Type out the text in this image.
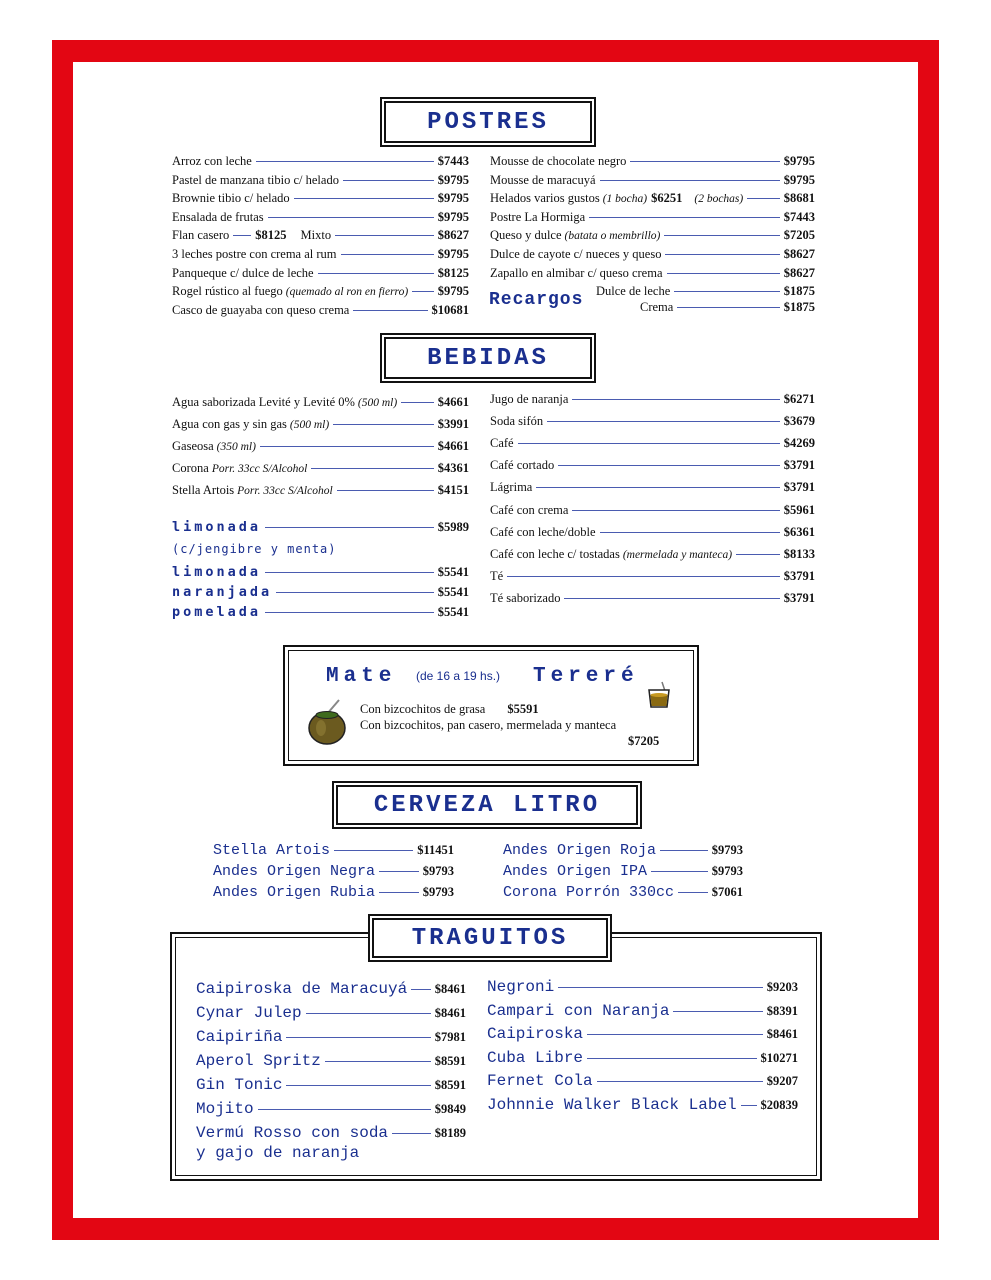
POSTRES
Arroz con leche	$7443
Pastel de manzana tibio c/ helado	$9795
Brownie tibio c/ helado	$9795
Ensalada de frutas	$9795
3 leches postre con crema al rum	$9795
Panqueque c/ dulce de leche	$8125
Rogel rústico al fuego (quemado al ron en fierro) $9795
Casco de guayaba con queso crema	$10681
Flan casero $8125 Mixto	$8627
Mousse de chocolate negro	$9795
Mousse de maracuyá	$9795
Postre La Hormiga	$7443
Queso y dulce (batata o membrillo)	$7205
Dulce de cayote c/ nueces y queso	$8627
Zapallo en almibar c/ queso crema	$8627
Helados varios gustos (1 bocha) $6251 (2 bochas)	$8681
Recargos Dulce de leche	$1875
Crema	$1875
BEBIDAS
Agua saborizada Levité y Levité 0% (500 ml)	$4661
Agua con gas y sin gas (500 ml)	$3991
Gaseosa (350 ml)	$4661
Corona Porr. 33cc S/Alcohol	$4361
Stella Artois Porr. 33cc S/Alcohol	$4151
Jugo de naranja	$6271
Soda sifón	$3679
Café	$4269
Café cortado	$3791
Lágrima	$3791
Café con crema	$5961
Café con leche/doble	$6361
Café con leche c/ tostadas (mermelada y manteca)	$8133
Té	$3791
Té saborizado	$3791
limonada	$5989
(c/jengibre y menta)
limonada	$5541
naranjada	$5541
pomelada	$5541
Mate (de 16 a 19 hs.) Tereré
Con bizcochitos de grasa $5591
Con bizcochitos, pan casero, mermelada y manteca
$7205
CERVEZA LITRO
Stella Artois	$11451
Andes Origen Negra	$9793
Andes Origen Rubia	$9793
Andes Origen Roja	$9793
Andes Origen IPA	$9793
Corona Porrón 330cc	$7061
TRAGUITOS
Caipiroska de Maracuyá $8461
Cynar Julep	$8461
Caipiriña	$7981
Aperol Spritz	$8591
Gin Tonic	$8591
Mojito	$9849
Vermú Rosso con soda	$8189
y gajo de naranja
Negroni	$9203
Campari con Naranja	$8391
Caipiroska	$8461
Cuba Libre	$10271
Fernet Cola	$9207
Johnnie Walker Black Label $20839
